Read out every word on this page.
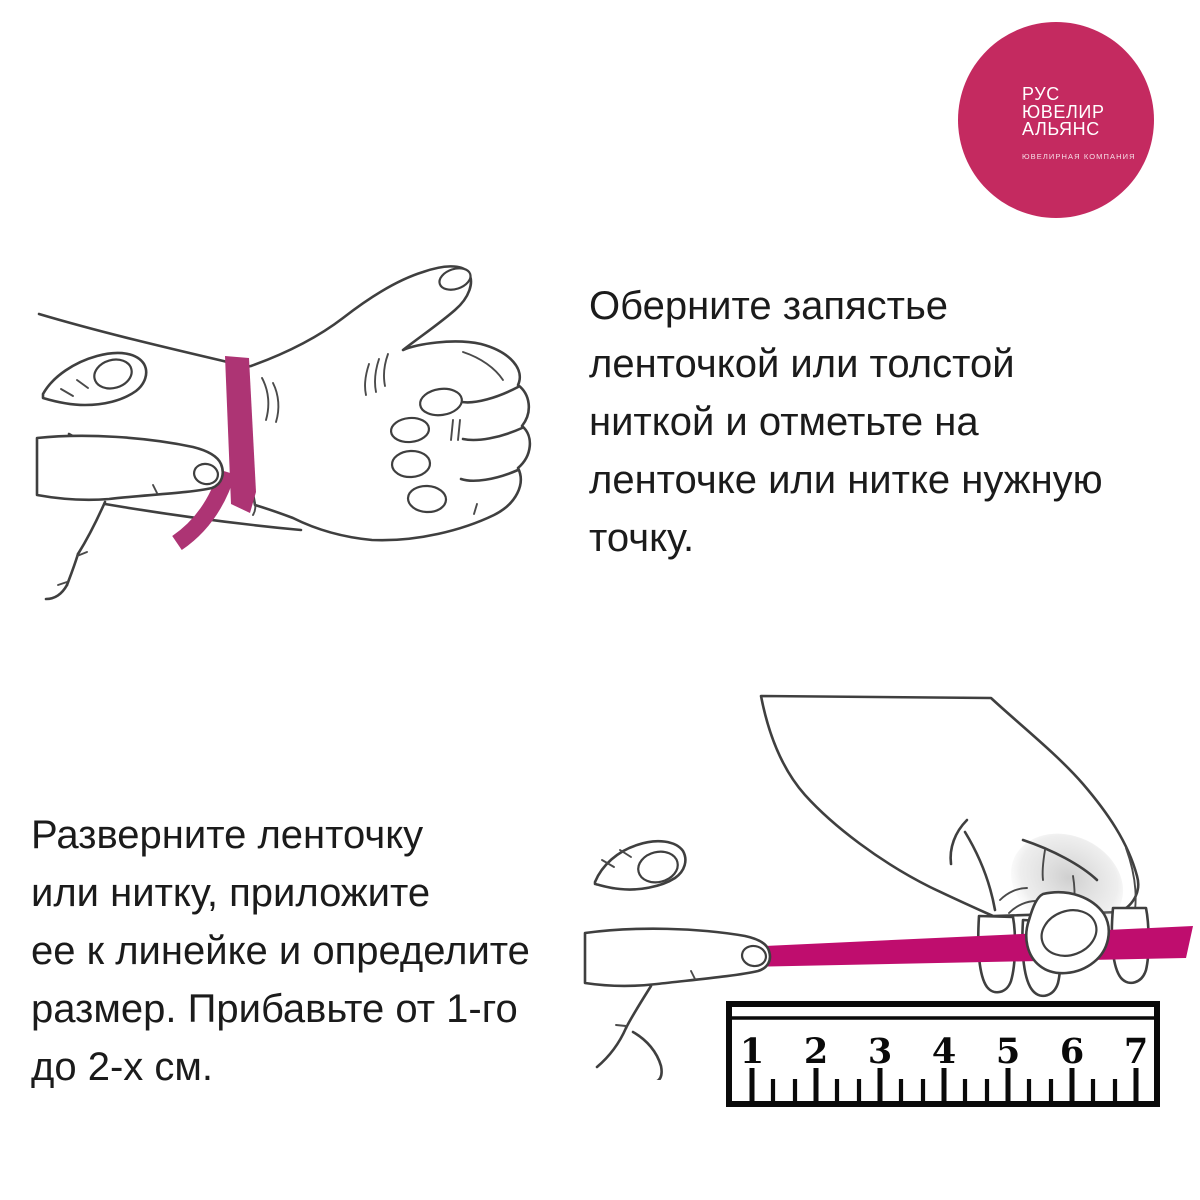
РУС
ЮВЕЛИР
АЛЬЯНС
ЮВЕЛИРНАЯ КОМПАНИЯ
Оберните запястье
ленточкой или толстой
ниткой и отметьте на
ленточке или нитке нужную
точку.
Разверните ленточку
или нитку, приложите
ее к линейке и определите
размер. Прибавьте от 1-го
до 2-х см.	1 2 3 4 5 6 7
